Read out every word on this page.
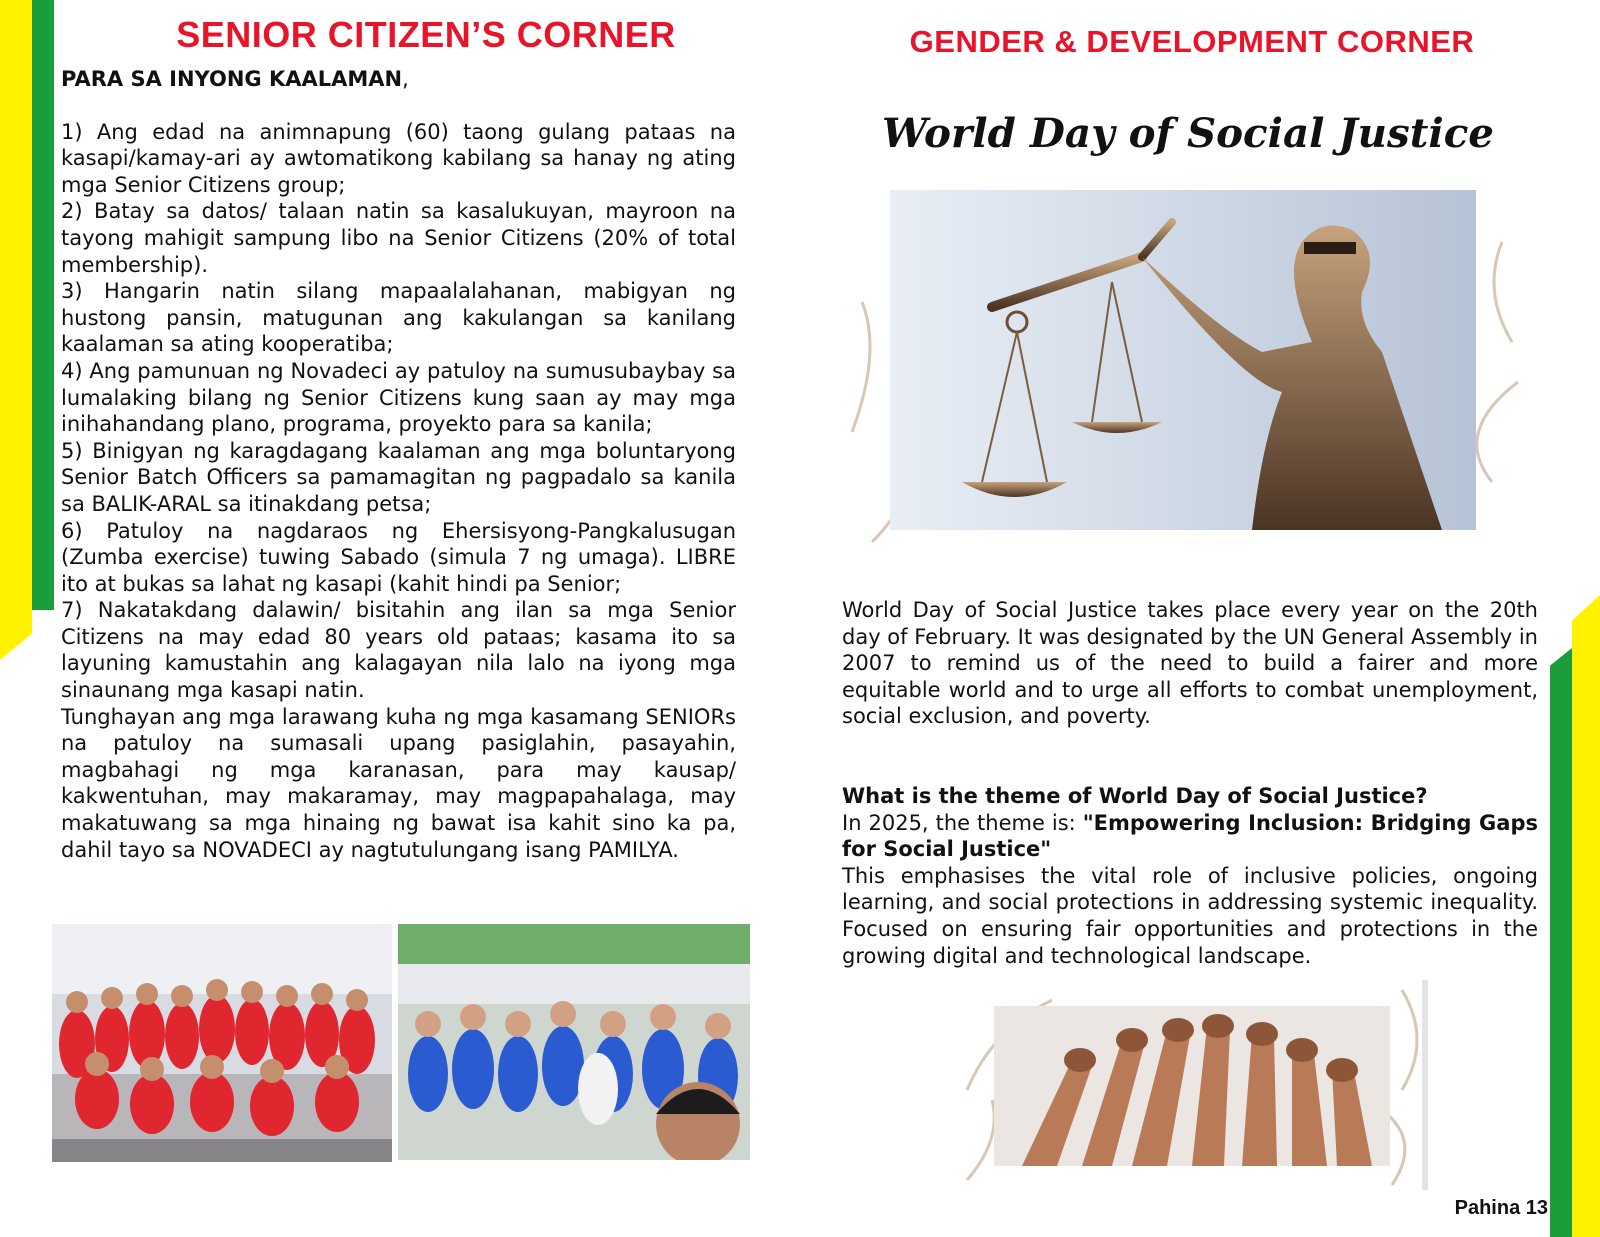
SENIOR CITIZEN’S CORNER

PARA SA INYONG KAALAMAN,

1) Ang edad na animnapung (60) taong gulang pataas na kasapi/kamay-ari ay awtomatikong kabilang sa hanay ng ating mga Senior Citizens group;

2) Batay sa datos/ talaan natin sa kasalukuyan, mayroon na tayong mahigit sampung libo na Senior Citizens (20% of total membership).

3) Hangarin natin silang mapaalalahanan, mabigyan ng hustong pansin, matugunan ang kakulangan sa kanilang kaalaman sa ating kooperatiba;

4) Ang pamunuan ng Novadeci ay patuloy na sumusubaybay sa lumalaking bilang ng Senior Citizens kung saan ay may mga inihahandang plano, programa, proyekto para sa kanila;

5) Binigyan ng karagdagang kaalaman ang mga boluntaryong Senior Batch Officers sa pamamagitan ng pagpadalo sa kanila sa BALIK-ARAL sa itinakdang petsa;

6) Patuloy na nagdaraos ng Ehersisyong-Pangkalusugan (Zumba exercise) tuwing Sabado (simula 7 ng umaga). LIBRE ito at bukas sa lahat ng kasapi (kahit hindi pa Senior;

7) Nakatakdang dalawin/ bisitahin ang ilan sa mga Senior Citizens na may edad 80 years old pataas; kasama ito sa layuning kamustahin ang kalagayan nila lalo na iyong mga sinaunang mga kasapi natin.

Tunghayan ang mga larawang kuha ng mga kasamang SENIORs na patuloy na sumasali upang pasiglahin, pasayahin, magbahagi ng mga karanasan, para may kausap/ kakwentuhan, may makaramay, may magpapahalaga, may makatuwang sa mga hinaing ng bawat isa kahit sino ka pa, dahil tayo sa NOVADECI ay nagtutulungang isang PAMILYA.

GENDER & DEVELOPMENT CORNER
World Day of Social Justice

World Day of Social Justice takes place every year on the 20th day of February. It was designated by the UN General Assembly in 2007 to remind us of the need to build a fairer and more equitable world and to urge all efforts to combat unemployment, social exclusion, and poverty.

What is the theme of World Day of Social Justice?

In 2025, the theme is: "Empowering Inclusion: Bridging Gaps for Social Justice"

This emphasises the vital role of inclusive policies, ongoing learning, and social protections in addressing systemic inequality. Focused on ensuring fair opportunities and protections in the growing digital and technological landscape.

Pahina 13
